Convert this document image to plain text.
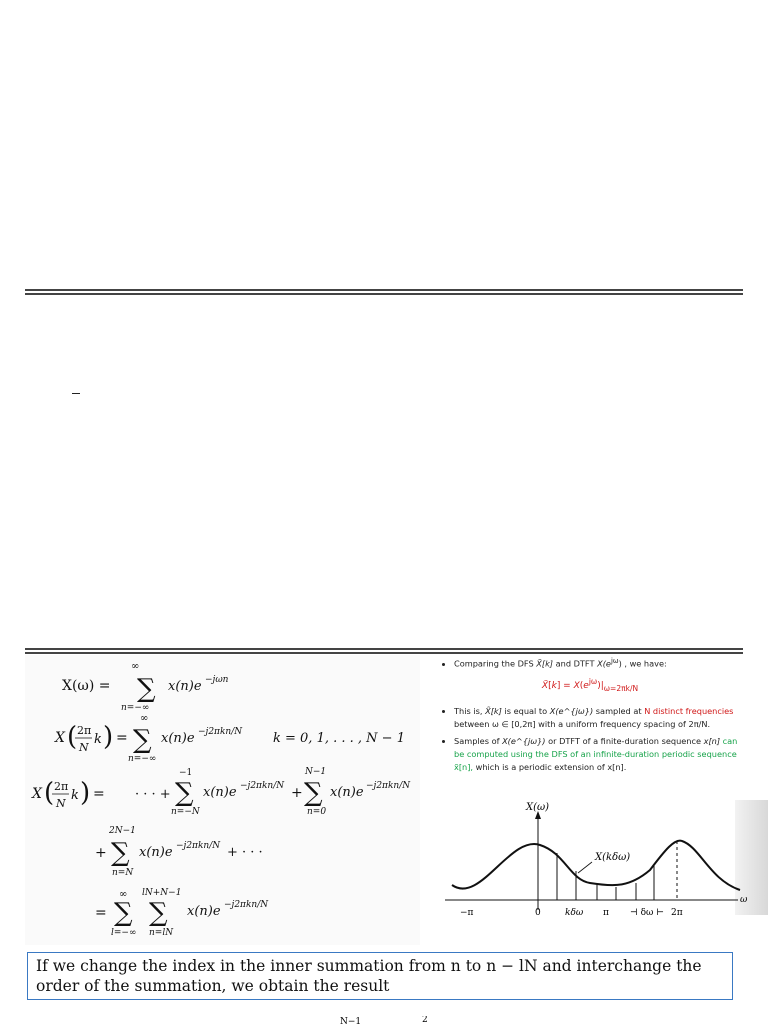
X(ω) = ∑
∞
n=−∞
x(n)e −jωn
X ( 2π
N
k ) = ∑
∞
n=−∞
x(n)e −j2πkn/N k = 0, 1, . . . , N − 1
X ( 2π
N
k ) = · · · + ∑
−1
n=−N
x(n)e −j2πkn/N + ∑
N−1
n=0
x(n)e −j2πkn/N
+ ∑
2N−1
n=N
x(n)e −j2πkn/N + · · ·
= ∑
∞
l=−∞
∑
lN+N−1
n=lN
x(n)e −j2πkn/N
• Comparing the DFS X̃[k] and DTFT $X(e^{j\omega})$ , we have:
X̃[k] = $X(e^{j\omega})|_{\omega=2\pi k/N}$
• This is, X̃[k] is equal to X(e^{jω}) sampled at N distinct frequencies between ω ∈ [0,2π] with a uniform frequency spacing of 2π/N.
• Samples of X(e^{jω}) or DTFT of a finite-duration sequence x[n] can be computed using the DFS of an infinite-duration periodic sequence x̃[n], which is a periodic extension of x[n].
X(ω)
X(kδω)
ω
−π	0	kδω π ⊣ δω ⊢ 2π
If we change the index in the inner summation from n to n − lN and interchange the order of the summation, we obtain the result
N−1	2
